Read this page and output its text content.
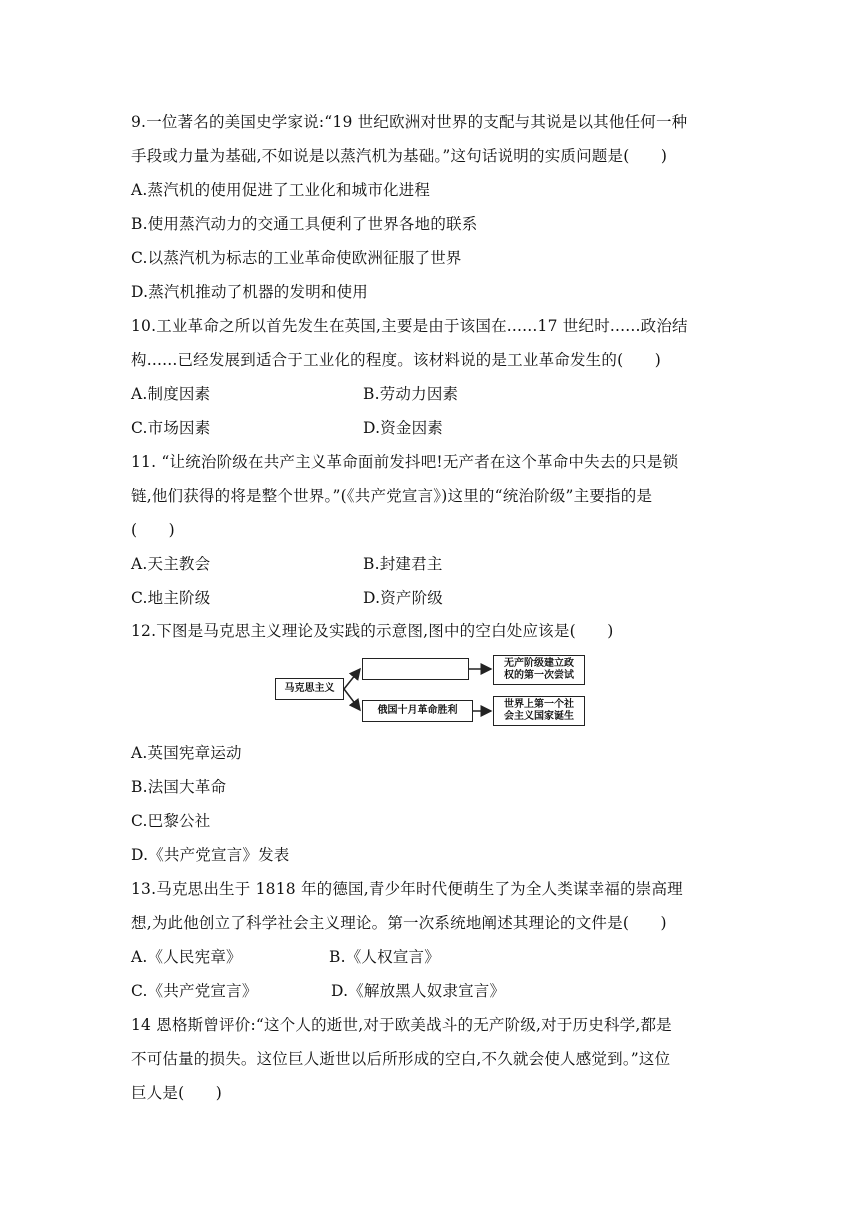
9.一位著名的美国史学家说:“19 世纪欧洲对世界的支配与其说是以其他任何一种
手段或力量为基础,不如说是以蒸汽机为基础。”这句话说明的实质问题是(　　)
A.蒸汽机的使用促进了工业化和城市化进程
B.使用蒸汽动力的交通工具便利了世界各地的联系
C.以蒸汽机为标志的工业革命使欧洲征服了世界
D.蒸汽机推动了机器的发明和使用
10.工业革命之所以首先发生在英国,主要是由于该国在......17 世纪时......政治结
构......已经发展到适合于工业化的程度。该材料说的是工业革命发生的(　　)
A.制度因素	B.劳动力因素
C.市场因素	D.资金因素
11. “让统治阶级在共产主义革命面前发抖吧!无产者在这个革命中失去的只是锁
链,他们获得的将是整个世界。”(《共产党宣言》)这里的“统治阶级”主要指的是
(　　)
A.天主教会	B.封建君主
C.地主阶级	D.资产阶级
12.下图是马克思主义理论及实践的示意图,图中的空白处应该是(　　)
马克思主义
俄国十月革命胜利
无产阶级建立政
权的第一次尝试
世界上第一个社
会主义国家诞生
A.英国宪章运动
B.法国大革命
C.巴黎公社
D.《共产党宣言》发表
13.马克思出生于 1818 年的德国,青少年时代便萌生了为全人类谋幸福的崇高理
想,为此他创立了科学社会主义理论。第一次系统地阐述其理论的文件是(　　)
A.《人民宪章》	B.《人权宣言》
C.《共产党宣言》	D.《解放黑人奴隶宣言》
14 恩格斯曾评价:“这个人的逝世,对于欧美战斗的无产阶级,对于历史科学,都是
不可估量的损失。这位巨人逝世以后所形成的空白,不久就会使人感觉到。”这位
巨人是(　　)
